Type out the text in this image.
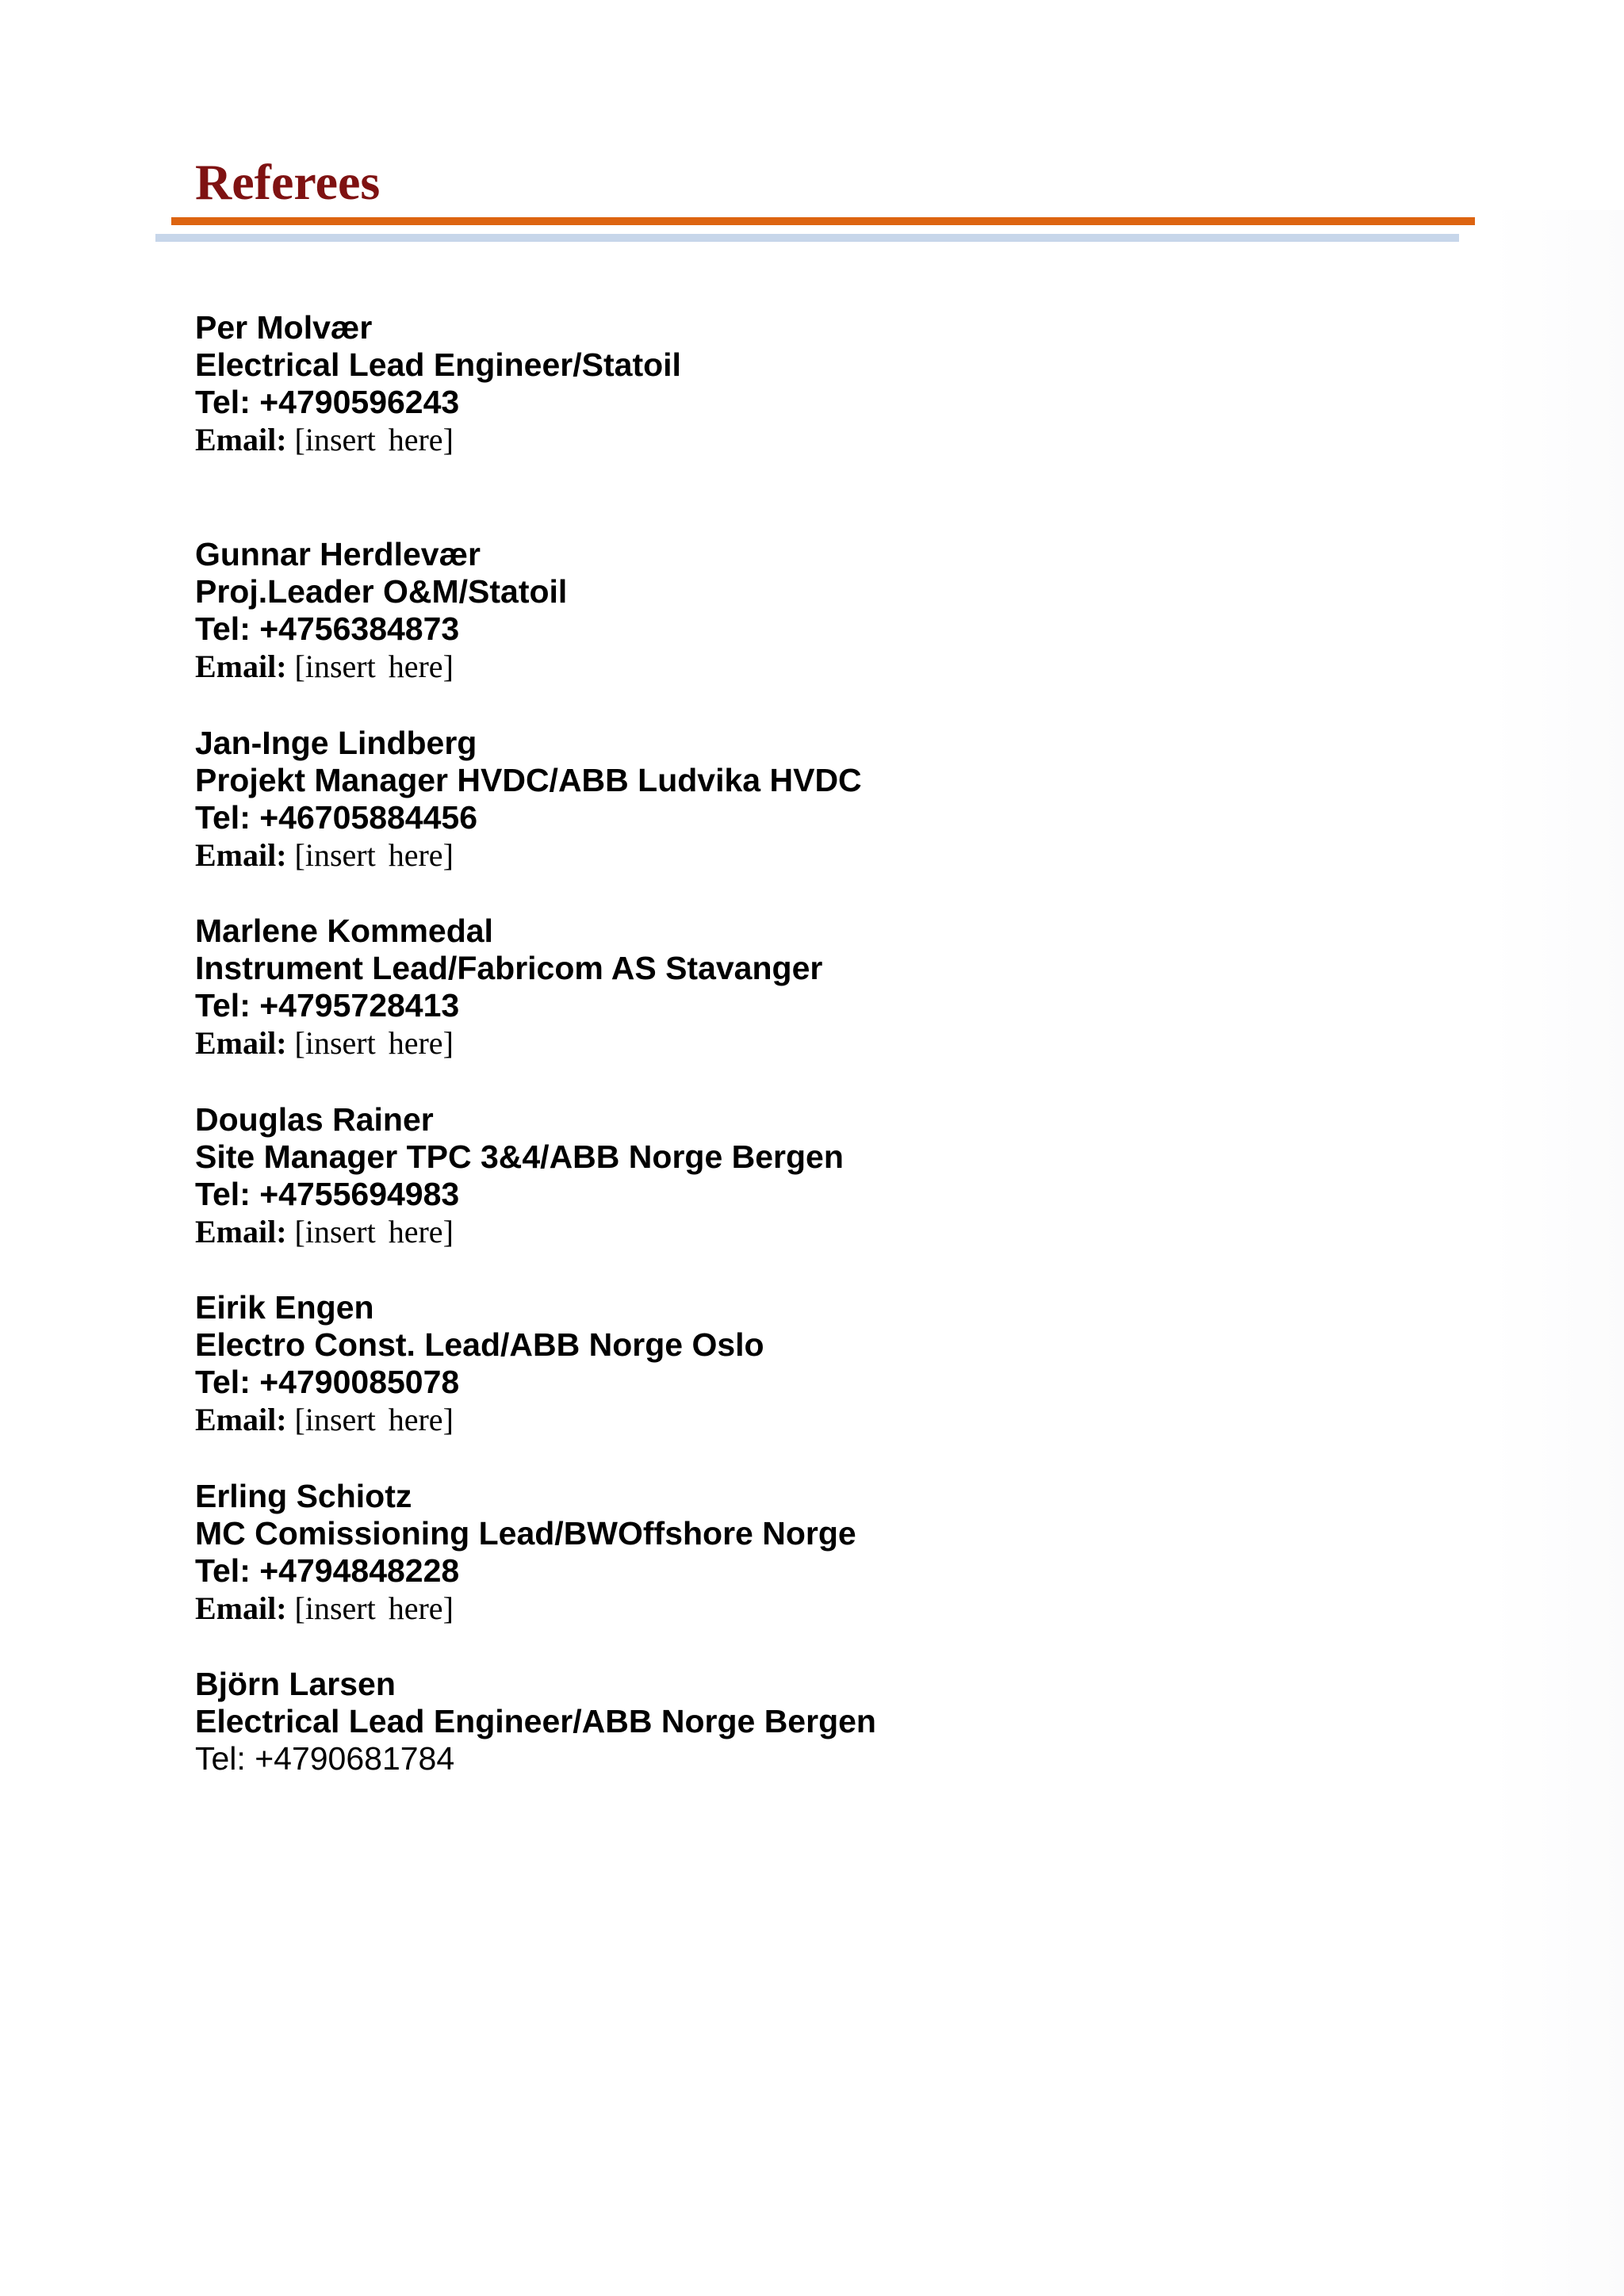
Referees
Per Molvær
Electrical Lead Engineer/Statoil
Tel: +4790596243
Email: [insert here]
Gunnar Herdlevær
Proj.Leader O&M/Statoil
Tel: +4756384873
Email: [insert here]
Jan-Inge Lindberg
Projekt Manager HVDC/ABB Ludvika HVDC
Tel: +46705884456
Email: [insert here]
Marlene Kommedal
Instrument Lead/Fabricom AS Stavanger
Tel: +4795728413
Email: [insert here]
Douglas Rainer
Site Manager TPC 3&4/ABB Norge Bergen
Tel: +4755694983
Email: [insert here]
Eirik Engen
Electro Const. Lead/ABB Norge Oslo
Tel: +4790085078
Email: [insert here]
Erling Schiotz
MC Comissioning Lead/BWOffshore Norge
Tel: +4794848228
Email: [insert here]
Björn Larsen
Electrical Lead Engineer/ABB Norge Bergen
Tel: +4790681784
